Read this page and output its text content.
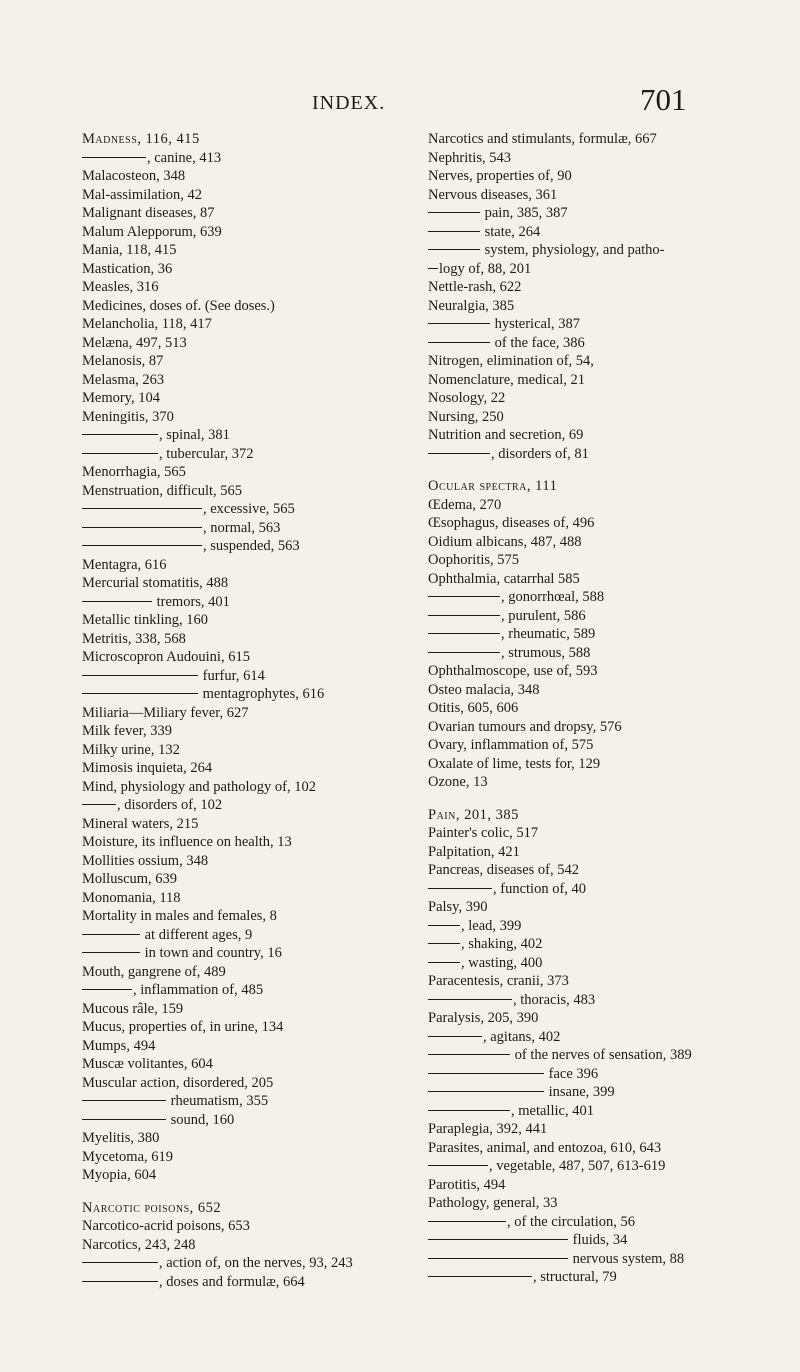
INDEX.	701
Madness, 116, 415
, canine, 413
Malacosteon, 348
Mal-assimilation, 42
Malignant diseases, 87
Malum Alepporum, 639
Mania, 118, 415
Mastication, 36
Measles, 316
Medicines, doses of. (See doses.)
Melancholia, 118, 417
Melæna, 497, 513
Melanosis, 87
Melasma, 263
Memory, 104
Meningitis, 370
, spinal, 381
, tubercular, 372
Menorrhagia, 565
Menstruation, difficult, 565
, excessive, 565
, normal, 563
, suspended, 563
Mentagra, 616
Mercurial stomatitis, 488
tremors, 401
Metallic tinkling, 160
Metritis, 338, 568
Microscopron Audouini, 615
furfur, 614
mentagrophytes, 616
Miliaria—Miliary fever, 627
Milk fever, 339
Milky urine, 132
Mimosis inquieta, 264
Mind, physiology and pathology of, 102
, disorders of, 102
Mineral waters, 215
Moisture, its influence on health, 13
Mollities ossium, 348
Molluscum, 639
Monomania, 118
Mortality in males and females, 8
at different ages, 9
in town and country, 16
Mouth, gangrene of, 489
, inflammation of, 485
Mucous râle, 159
Mucus, properties of, in urine, 134
Mumps, 494
Muscæ volitantes, 604
Muscular action, disordered, 205
rheumatism, 355
sound, 160
Myelitis, 380
Mycetoma, 619
Myopia, 604
Narcotic poisons, 652
Narcotico-acrid poisons, 653
Narcotics, 243, 248
, action of, on the nerves, 93, 243
, doses and formulæ, 664
Narcotics and stimulants, formulæ, 667
Nephritis, 543
Nerves, properties of, 90
Nervous diseases, 361
pain, 385, 387
state, 264
system, physiology, and patho-
logy of, 88, 201
Nettle-rash, 622
Neuralgia, 385
hysterical, 387
of the face, 386
Nitrogen, elimination of, 54,
Nomenclature, medical, 21
Nosology, 22
Nursing, 250
Nutrition and secretion, 69
, disorders of, 81
Ocular spectra, 111
Œdema, 270
Œsophagus, diseases of, 496
Oidium albicans, 487, 488
Oophoritis, 575
Ophthalmia, catarrhal 585
, gonorrhœal, 588
, purulent, 586
, rheumatic, 589
, strumous, 588
Ophthalmoscope, use of, 593
Osteo malacia, 348
Otitis, 605, 606
Ovarian tumours and dropsy, 576
Ovary, inflammation of, 575
Oxalate of lime, tests for, 129
Ozone, 13
Pain, 201, 385
Painter's colic, 517
Palpitation, 421
Pancreas, diseases of, 542
, function of, 40
Palsy, 390
, lead, 399
, shaking, 402
, wasting, 400
Paracentesis, cranii, 373
, thoracis, 483
Paralysis, 205, 390
, agitans, 402
of the nerves of sensation, 389
face 396
insane, 399
, metallic, 401
Paraplegia, 392, 441
Parasites, animal, and entozoa, 610, 643
, vegetable, 487, 507, 613-619
Parotitis, 494
Pathology, general, 33
, of the circulation, 56
fluids, 34
nervous system, 88
, structural, 79
